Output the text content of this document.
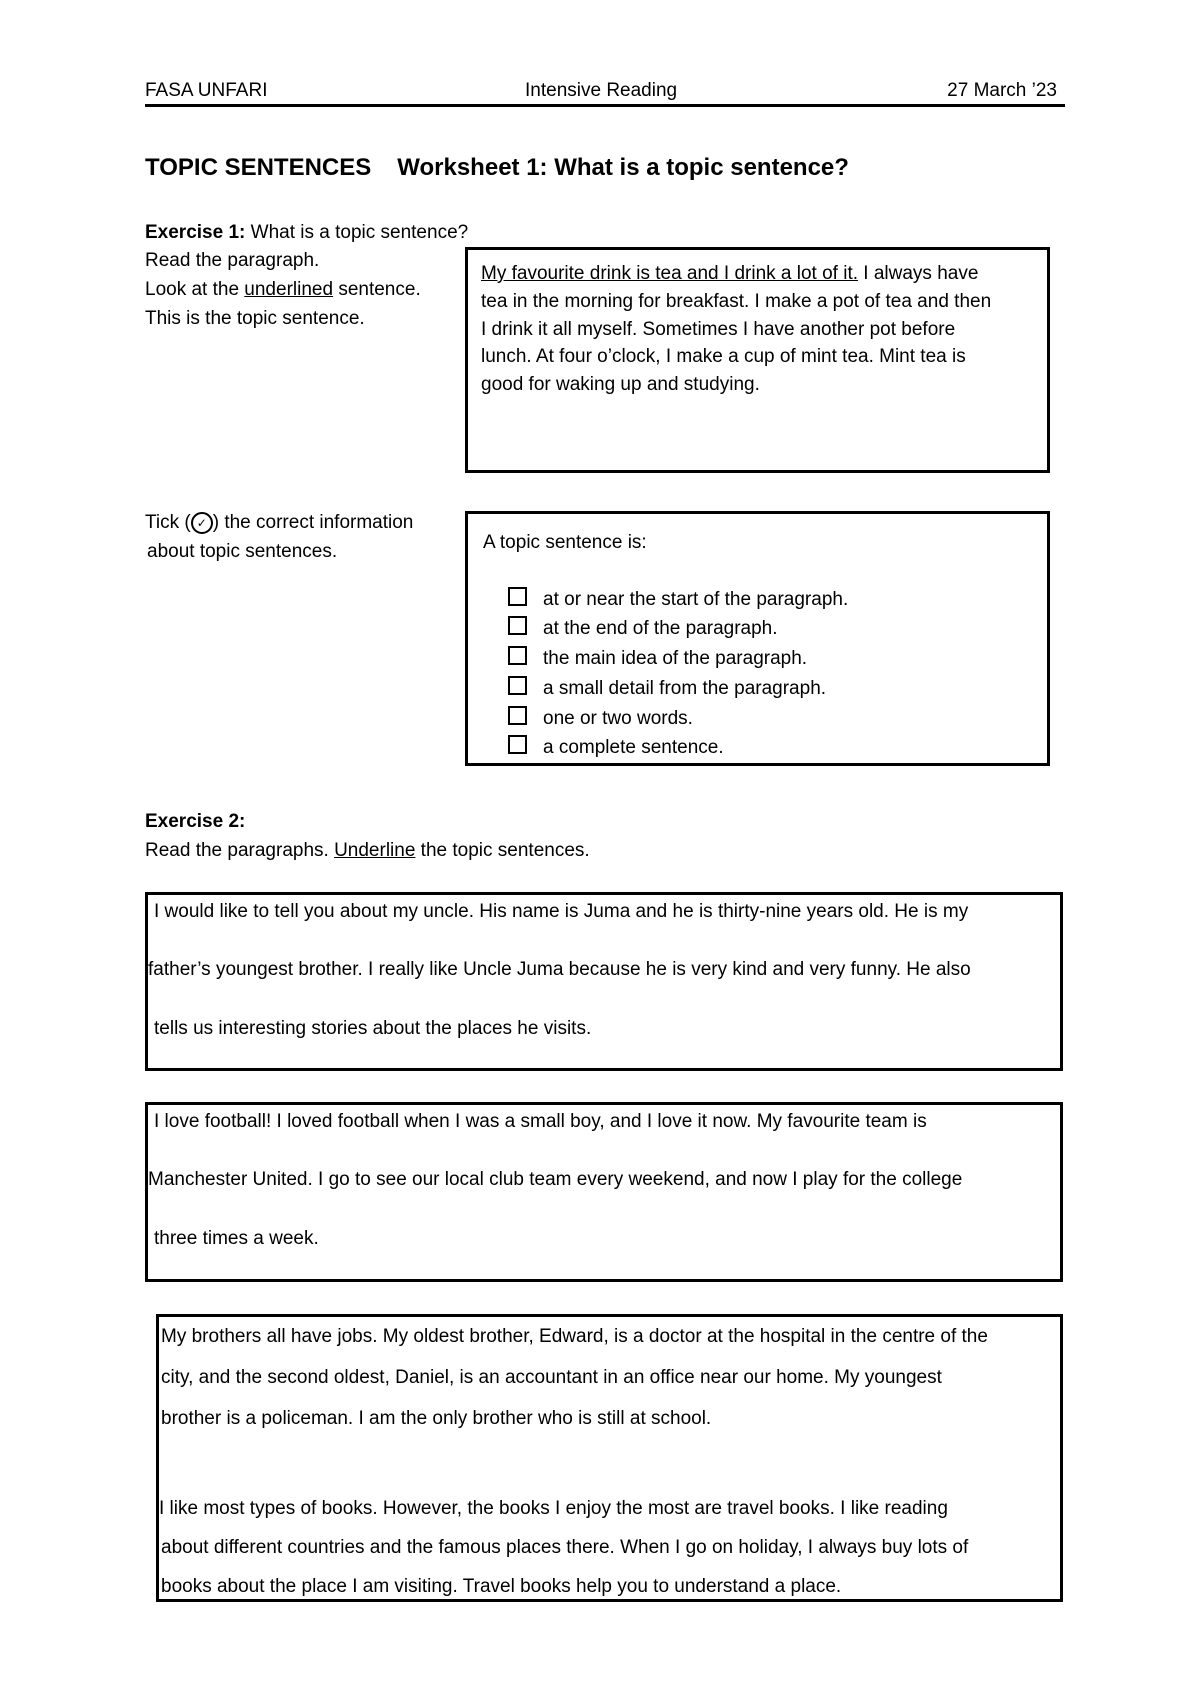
FASA UNFARI	Intensive Reading	27 March ’23
TOPIC SENTENCES Worksheet 1: What is a topic sentence?
Exercise 1: What is a topic sentence?
Read the paragraph.
Look at the underlined sentence.
This is the topic sentence.
My favourite drink is tea and I drink a lot of it. I always have
tea in the morning for breakfast. I make a pot of tea and then
I drink it all myself. Sometimes I have another pot before
lunch. At four o’clock, I make a cup of mint tea. Mint tea is
good for waking up and studying.
Tick ( ✓ ) the correct information
about topic sentences.	A topic sentence is:
at or near the start of the paragraph.
at the end of the paragraph.
the main idea of the paragraph.
a small detail from the paragraph.
one or two words.
a complete sentence.
Exercise 2:
Read the paragraphs. Underline the topic sentences.
I would like to tell you about my uncle. His name is Juma and he is thirty-nine years old. He is my
father’s youngest brother. I really like Uncle Juma because he is very kind and very funny. He also
tells us interesting stories about the places he visits.
I love football! I loved football when I was a small boy, and I love it now. My favourite team is
Manchester United. I go to see our local club team every weekend, and now I play for the college
three times a week.
My brothers all have jobs. My oldest brother, Edward, is a doctor at the hospital in the centre of the
city, and the second oldest, Daniel, is an accountant in an office near our home. My youngest
brother is a policeman. I am the only brother who is still at school.
I like most types of books. However, the books I enjoy the most are travel books. I like reading
about different countries and the famous places there. When I go on holiday, I always buy lots of
books about the place I am visiting. Travel books help you to understand a place.
